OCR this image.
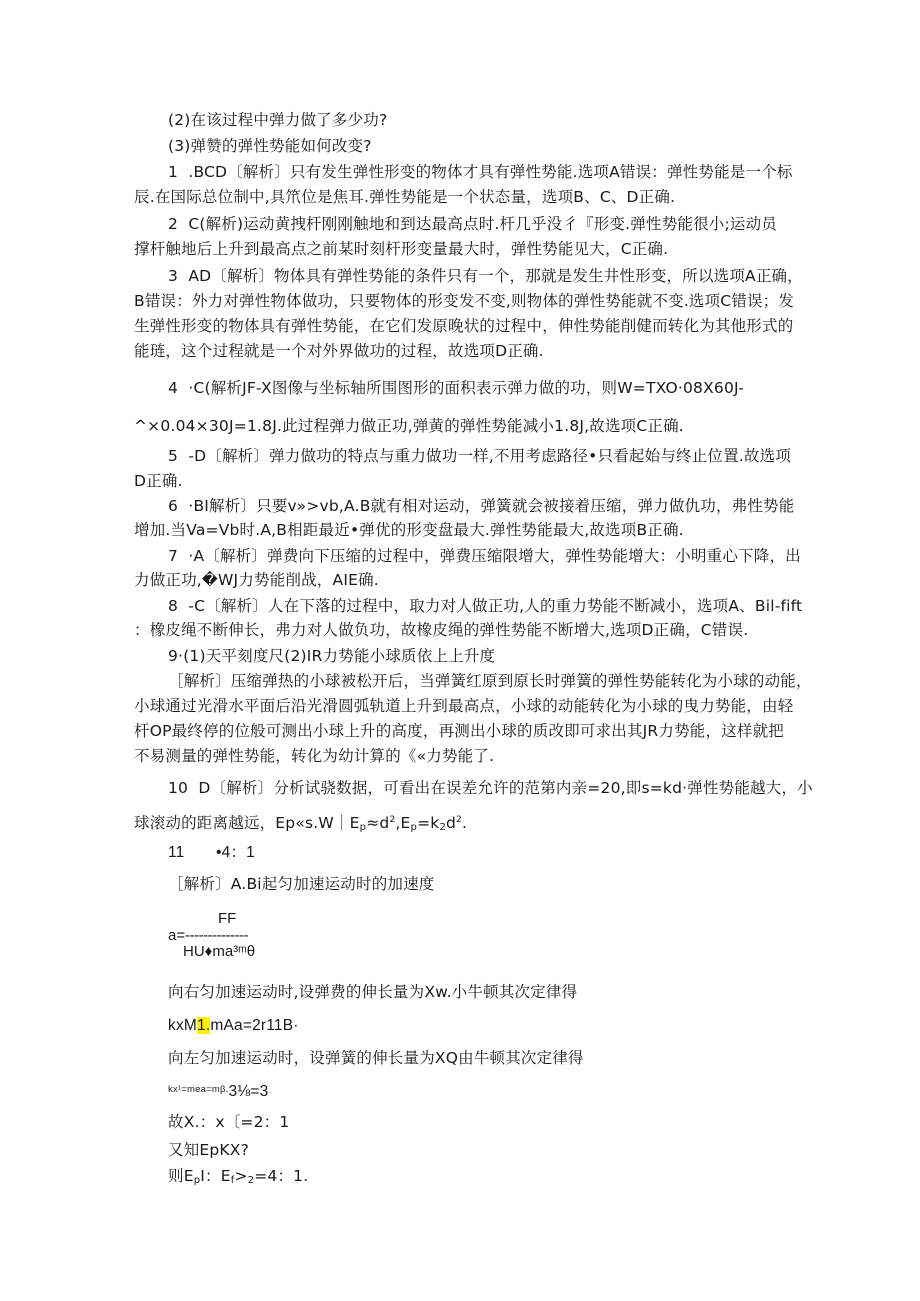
(2)在该过程中弹力做了多少功?
(3)弹赞的弹性势能如何改变?
1  .BCD〔解析〕只有发生弹性形变的物体才具有弹性势能.选项A错误：弹性势能是一个标
辰.在国际总位制中,具笊位是焦耳.弹性势能是一个状态量，选项B、C、D正确.
2  C(解析)运动黄拽杆刚刚触地和到达最高点时.杆几乎没彳『形变.弹性势能很小;运动员
撑杆触地后上升到最高点之前某时刻杆形变量最大时，弹性势能见大，C正确.
3  AD〔解析〕物体具有弹性势能的条件只有一个，那就是发生井性形变，所以选项A正确，
B错误：外力对弹性物体做功，只要物体的形变发不变,则物体的弹性势能就不变.选项C错误；发
生弹性形变的物体具有弹性势能，在它们发原晚状的过程中，伸性势能削健而转化为其他形式的
能琏，这个过程就是一个对外界做功的过程，故选项D正确.
4  ·C(解析JF-X图像与坐标轴所围图形的面积表示弹力做的功，则W=TXO·08X60J-
^×0.04×30J=1.8J.此过程弹力做正功,弹黄的弹性势能减小1.8J,故选项C正确.
5  -D〔解析〕弹力做功的特点与重力做功一样,不用考虑路径•只看起始与终止位置.故选项
D正确.
6  ·BI解析〕只要v»>vb,A.B就有相对运动，弹簧就会被接着压缩，弹力做仇功，弗性势能
增加.当Va=Vb时.A,B相距最近•弹优的形变盘最大.弹性势能最大,故选项B正确.
7  ·A〔解析〕弹费向下压缩的过程中，弹费压缩限增大，弹性势能增大：小明重心下降，出
力做正功,�WJ力势能削战，AIE确.
8  -C〔解析〕人在下落的过程中，取力对人做正功,人的重力势能不断减小，选项A、Bil-fift
：橡皮绳不断伸长，弗力对人做负功，故橡皮绳的弹性势能不断增大,选项D正确，C错误.
9·(1)天平刻度尺(2)IR力势能小球质依上上升度
［解析〕压缩弹热的小球被松开后，当弹簧红原到原长时弹簧的弹性势能转化为小球的动能，
小球通过光滑水平面后沿光滑圆弧轨道上升到最高点，小球的动能转化为小球的曳力势能，由轻
杆OP最终停的位般可测出小球上升的高度，再测出小球的质改即可求出其JR力势能，这样就把
不易测量的弹性势能，转化为幼计算的《«力势能了.
10  D〔解析〕分析试骁数据，可看出在误差允许的范第内亲=20,即s=kd·弹性势能越大，小
球滚动的距离越远，$Ep«s.W|E_p\approx d^2,E_p=k_2d^2$.
11       •4：1
［解析〕A.Bi起匀加速运动时的加速度
FF
a=--------------
HU♦ma³ᵐθ
向右匀加速运动时,设弹费的伸长量为Xw.小牛顿其次定律得
kxM1.mAa=2r11B·
向左匀加速运动时，设弹簧的伸长量为XQ由牛顿其次定律得
$^{kx^1=mea=m\beta.}$3⅛=3
故X.：x〔=2：1
又知EpKX?
则$E_pI$：$E_f>_2=4$：1.
